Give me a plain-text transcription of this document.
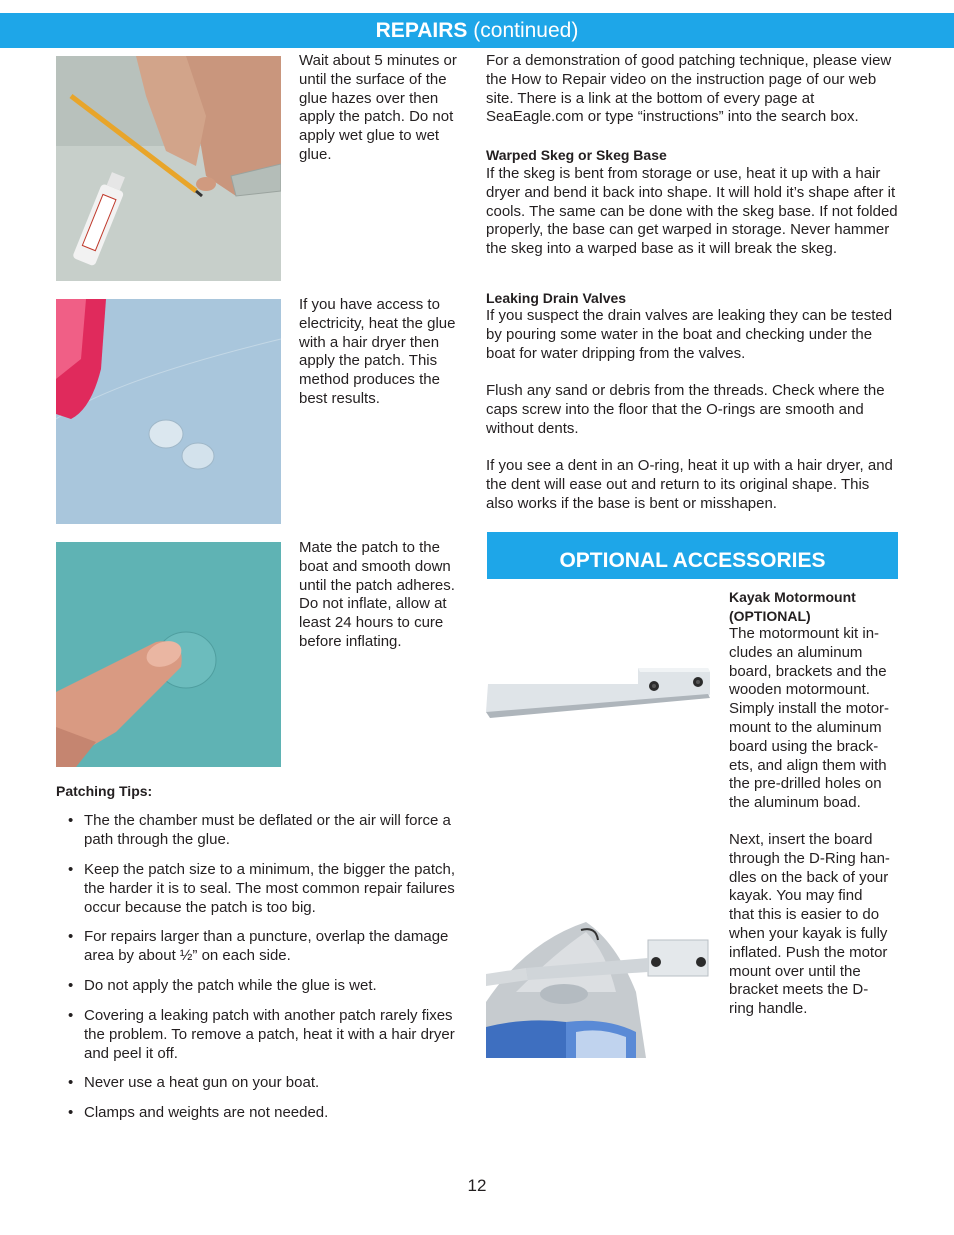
REPAIRS (continued)
Wait about 5 minutes or until the surface of the glue hazes over then apply the patch. Do not apply wet glue to wet glue.
If you have access to electricity, heat the glue with a hair dryer then apply the patch. This method produces the best results.
Mate the patch to the boat and smooth down until the patch adheres. Do not inflate, allow at least 24 hours to cure before inflating.
Patching Tips:
• The the chamber must be deflated or the air will force a path through the glue.
• Keep the patch size to a minimum, the bigger the patch, the harder it is to seal. The most common repair failures occur because the patch is too big.
• For repairs larger than a puncture, overlap the damage area by about ½” on each side.
• Do not apply the patch while the glue is wet.
• Covering a leaking patch with another patch rarely fixes the problem. To remove a patch, heat it with a hair dryer and peel it off.
• Never use a heat gun on your boat.
• Clamps and weights are not needed.
For a demonstration of good patching technique, please view the How to Repair video on the instruction page of our web site. There is a link at the bottom of every page at SeaEagle.com or type “instructions” into the search box.
Warped Skeg or Skeg Base
If the skeg is bent from storage or use, heat it up with a hair dryer and bend it back into shape. It will hold it’s shape after it cools. The same can be done with the skeg base. If not folded properly, the base can get warped in storage. Never hammer the skeg into a warped base as it will break the skeg.
Leaking Drain Valves
If you suspect the drain valves are leaking they can be tested by pouring some water in the boat and checking under the boat for water dripping from the valves.
Flush any sand or debris from the threads. Check where the caps screw into the floor that the O-rings are smooth and without dents.
If you see a dent in an O-ring, heat it up with a hair dryer, and the dent will ease out and return to its original shape. This also works if the base is bent or misshapen.
OPTIONAL ACCESSORIES
Kayak Motormount
(OPTIONAL)

The motormount kit in-

cludes an aluminum

board, brackets and the

wooden motormount.

Simply install the motor-

mount to the aluminum

board using the brack-

ets, and align them with

the pre-drilled holes on

the aluminum boad.

Next, insert the board

through the D-Ring han-

dles on the back of your

kayak. You may find

that this is easier to do

when your kayak is fully

inflated. Push the motor

mount over until the

bracket meets the D-

ring handle.

12
